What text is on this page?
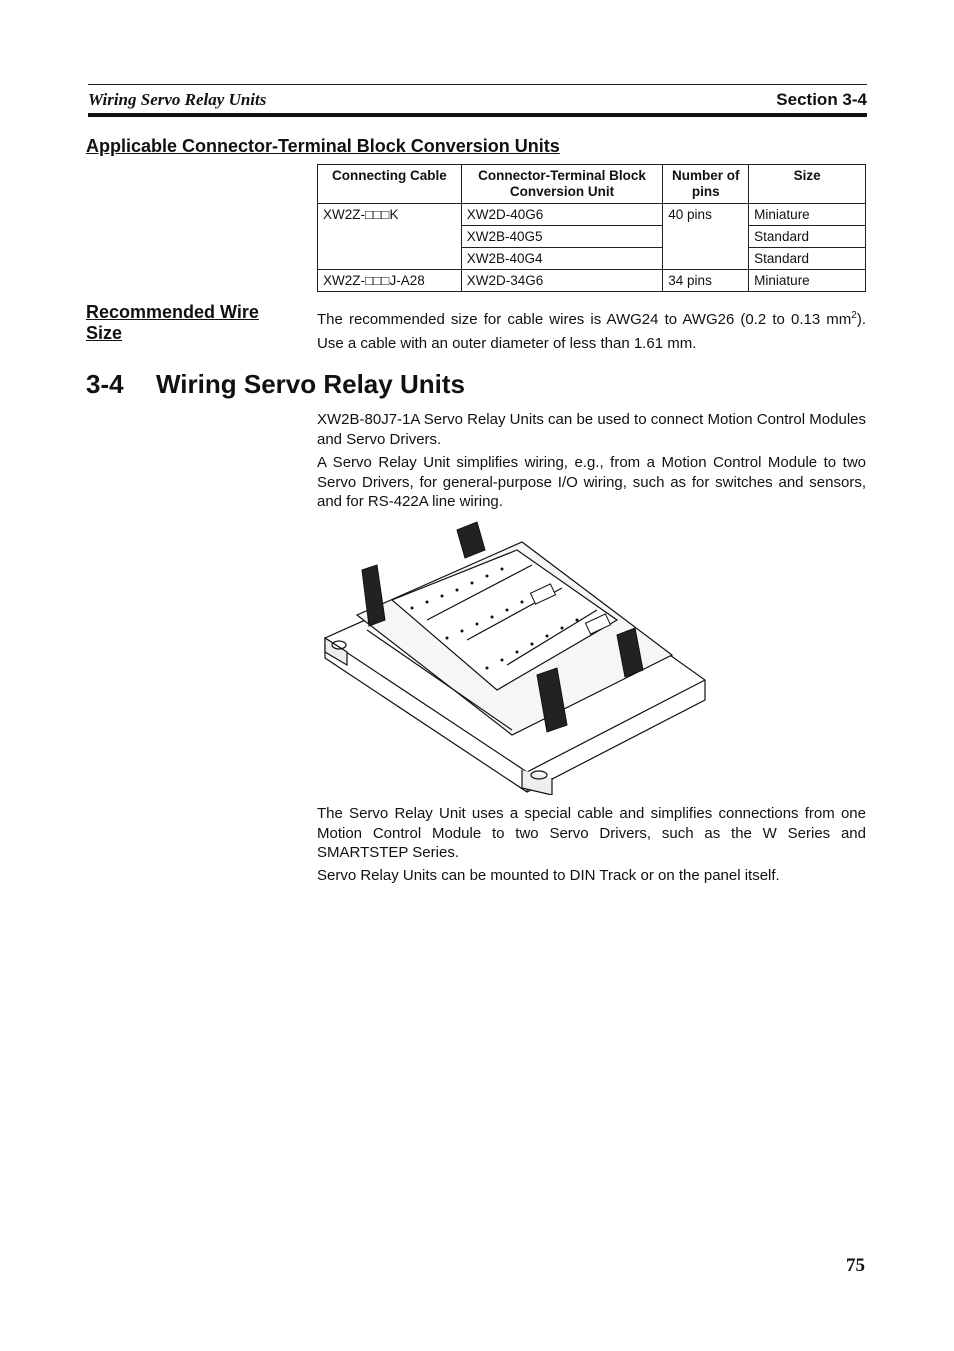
Wiring Servo Relay Units	Section 3-4
Applicable Connector-Terminal Block Conversion Units
Connecting Cable	Connector-Terminal Block Conversion Unit	Number of pins	Size
XW2Z-□□□K	XW2D-40G6	40 pins	Miniature
	XW2B-40G5		Standard
	XW2B-40G4		Standard
XW2Z-□□□J-A28	XW2D-34G6	34 pins	Miniature
Recommended Wire Size
The recommended size for cable wires is AWG24 to AWG26 (0.2 to 0.13 $mm^2$). Use a cable with an outer diameter of less than 1.61 mm.
3-4 Wiring Servo Relay Units
XW2B-80J7-1A Servo Relay Units can be used to connect Motion Control Modules and Servo Drivers.
A Servo Relay Unit simplifies wiring, e.g., from a Motion Control Module to two Servo Drivers, for general-purpose I/O wiring, such as for switches and sensors, and for RS-422A line wiring.
The Servo Relay Unit uses a special cable and simplifies connections from one Motion Control Module to two Servo Drivers, such as the W Series and SMARTSTEP Series.
Servo Relay Units can be mounted to DIN Track or on the panel itself.
75
